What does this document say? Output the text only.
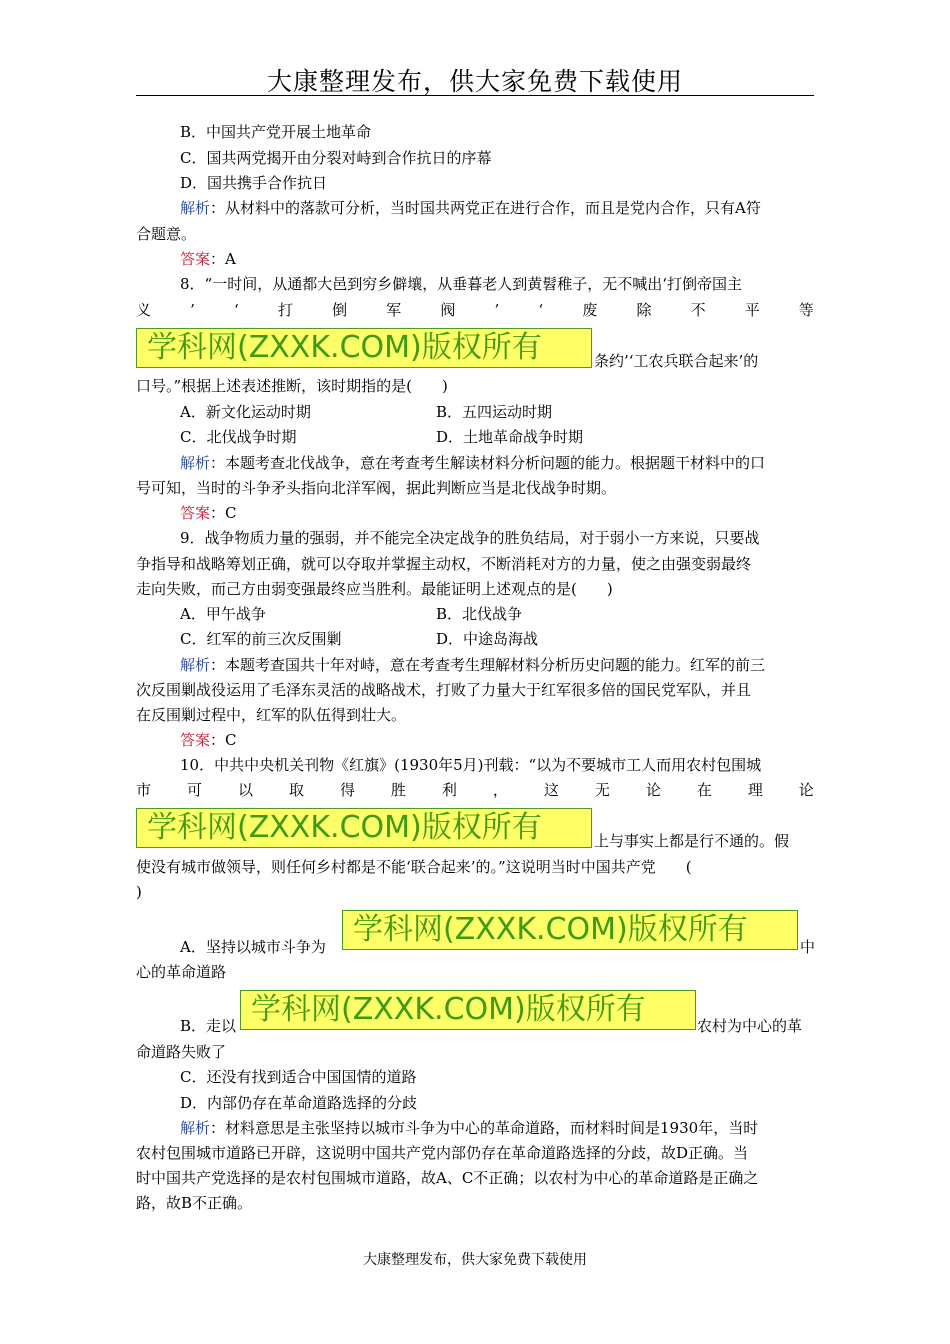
大康整理发布，供大家免费下载使用
B．中国共产党开展土地革命
C．国共两党揭开由分裂对峙到合作抗日的序幕
D．国共携手合作抗日
解析：从材料中的落款可分析，当时国共两党正在进行合作，而且是党内合作，只有A符
合题意。
答案：A
8．“一时间，从通都大邑到穷乡僻壤，从垂暮老人到黄髫稚子，无不喊出‘打倒帝国主
义	’	‘	打	倒	军	阀	’	‘	废	除	不	平	等
学科网(ZXXK.COM)版权所有	条约’‘工农兵联合起来’的
口号。”根据上述表述推断，该时期指的是(　　)
A．新文化运动时期	B．五四运动时期
C．北伐战争时期	D．土地革命战争时期
解析：本题考查北伐战争，意在考查考生解读材料分析问题的能力。根据题干材料中的口
号可知，当时的斗争矛头指向北洋军阀，据此判断应当是北伐战争时期。
答案：C
9．战争物质力量的强弱，并不能完全决定战争的胜负结局，对于弱小一方来说，只要战
争指导和战略筹划正确，就可以夺取并掌握主动权，不断消耗对方的力量，使之由强变弱最终
走向失败，而己方由弱变强最终应当胜利。最能证明上述观点的是(　　)
A．甲午战争	B．北伐战争
C．红军的前三次反围剿	D．中途岛海战
解析：本题考查国共十年对峙，意在考查考生理解材料分析历史问题的能力。红军的前三
次反围剿战役运用了毛泽东灵活的战略战术，打败了力量大于红军很多倍的国民党军队，并且
在反围剿过程中，红军的队伍得到壮大。
答案：C
10．中共中央机关刊物《红旗》(1930年5月)刊载：“以为不要城市工人而用农村包围城
市 可 以 取 得 胜 利 ， 这 无 论 在 理 论
学科网(ZXXK.COM)版权所有	上与事实上都是行不通的。假
使没有城市做领导，则任何乡村都是不能‘联合起来’的。”这说明当时中国共产党　　(
)
A．坚持以城市斗争为 学科网(ZXXK.COM)版权所有	中
心的革命道路
B．走以 学科网(ZXXK.COM)版权所有	农村为中心的革
命道路失败了
C．还没有找到适合中国国情的道路
D．内部仍存在革命道路选择的分歧
解析：材料意思是主张坚持以城市斗争为中心的革命道路，而材料时间是1930年，当时
农村包围城市道路已开辟，这说明中国共产党内部仍存在革命道路选择的分歧，故D正确。当
时中国共产党选择的是农村包围城市道路，故A、C不正确；以农村为中心的革命道路是正确之
路，故B不正确。
大康整理发布，供大家免费下载使用
